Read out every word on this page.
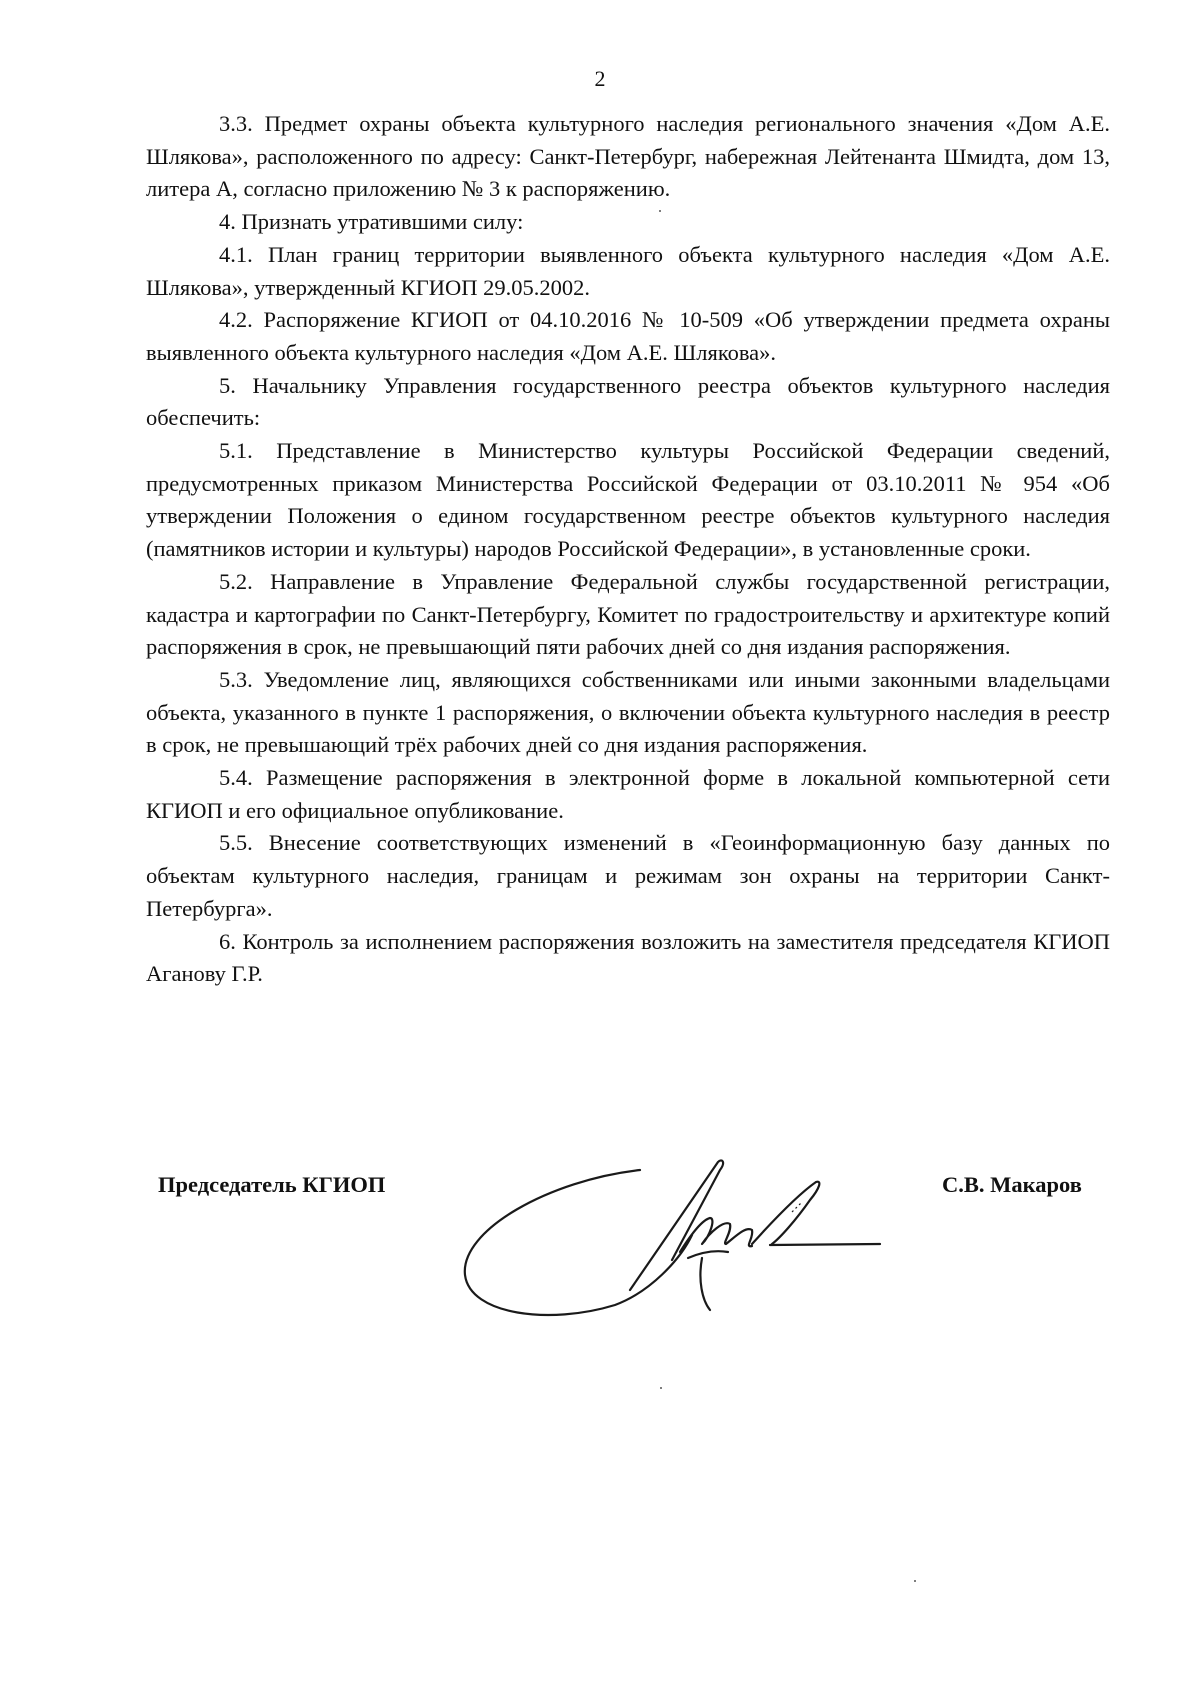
2

3.3. Предмет охраны объекта культурного наследия регионального значения «Дом А.Е. Шлякова», расположенного по адресу: Санкт-Петербург, набережная Лейтенанта Шмидта, дом 13, литера А, согласно приложению № 3 к распоряжению.

4. Признать утратившими силу:

4.1. План границ территории выявленного объекта культурного наследия «Дом А.Е. Шлякова», утвержденный КГИОП 29.05.2002.

4.2. Распоряжение КГИОП от 04.10.2016 № 10-509 «Об утверждении предмета охраны выявленного объекта культурного наследия «Дом А.Е. Шлякова».

5. Начальнику Управления государственного реестра объектов культурного наследия обеспечить:

5.1. Представление в Министерство культуры Российской Федерации сведений, предусмотренных приказом Министерства Российской Федерации от 03.10.2011 № 954 «Об утверждении Положения о едином государственном реестре объектов культурного наследия (памятников истории и культуры) народов Российской Федерации», в установленные сроки.

5.2. Направление в Управление Федеральной службы государственной регистрации, кадастра и картографии по Санкт-Петербургу, Комитет по градостроительству и архитектуре копий распоряжения в срок, не превышающий пяти рабочих дней со дня издания распоряжения.

5.3. Уведомление лиц, являющихся собственниками или иными законными владельцами объекта, указанного в пункте 1 распоряжения, о включении объекта культурного наследия в реестр в срок, не превышающий трёх рабочих дней со дня издания распоряжения.

5.4. Размещение распоряжения в электронной форме в локальной компьютерной сети КГИОП и его официальное опубликование.

5.5. Внесение соответствующих изменений в «Геоинформационную базу данных по объектам культурного наследия, границам и режимам зон охраны на территории Санкт-Петербурга».

6. Контроль за исполнением распоряжения возложить на заместителя председателя КГИОП Аганову Г.Р.

Председатель КГИОП	С.В. Макаров
